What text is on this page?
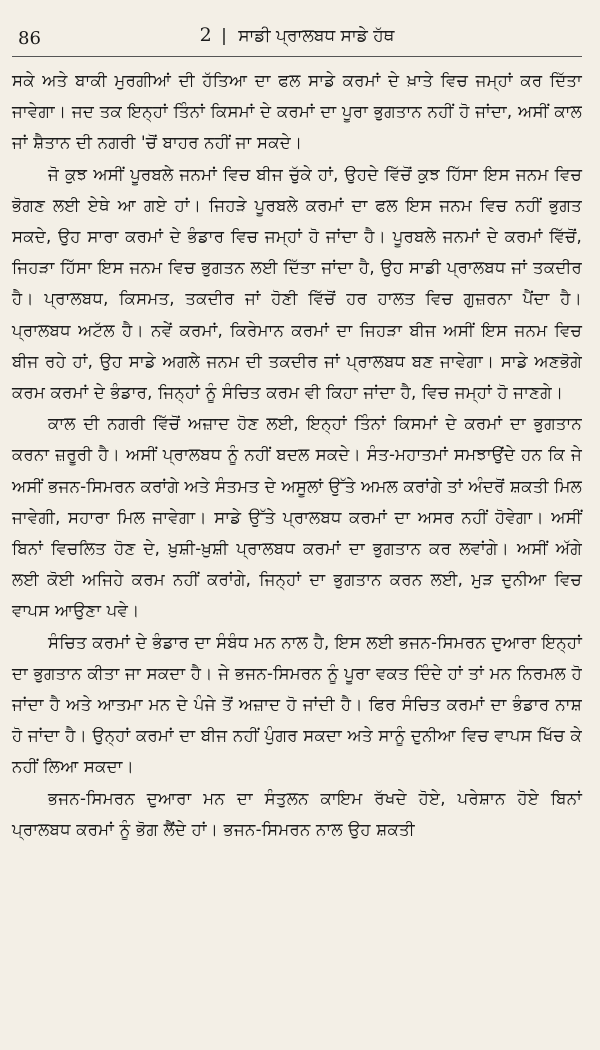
86	2 | ਸਾਡੀ ਪ੍ਰਾਲਬਧ ਸਾਡੇ ਹੱਥ

ਸਕੇ ਅਤੇ ਬਾਕੀ ਮੁਰਗੀਆਂ ਦੀ ਹੱਤਿਆ ਦਾ ਫਲ ਸਾਡੇ ਕਰਮਾਂ ਦੇ ਖ਼ਾਤੇ ਵਿਚ ਜਮ੍ਹਾਂ ਕਰ ਦਿੱਤਾ ਜਾਵੇਗਾ। ਜਦ ਤਕ ਇਨ੍ਹਾਂ ਤਿੰਨਾਂ ਕਿਸਮਾਂ ਦੇ ਕਰਮਾਂ ਦਾ ਪੂਰਾ ਭੁਗਤਾਨ ਨਹੀਂ ਹੋ ਜਾਂਦਾ, ਅਸੀਂ ਕਾਲ ਜਾਂ ਸ਼ੈਤਾਨ ਦੀ ਨਗਰੀ 'ਚੋਂ ਬਾਹਰ ਨਹੀਂ ਜਾ ਸਕਦੇ।

ਜੋ ਕੁਝ ਅਸੀਂ ਪੂਰਬਲੇ ਜਨਮਾਂ ਵਿਚ ਬੀਜ ਚੁੱਕੇ ਹਾਂ, ਉਹਦੇ ਵਿੱਚੋਂ ਕੁਝ ਹਿੱਸਾ ਇਸ ਜਨਮ ਵਿਚ ਭੋਗਣ ਲਈ ਏਥੇ ਆ ਗਏ ਹਾਂ। ਜਿਹੜੇ ਪੂਰਬਲੇ ਕਰਮਾਂ ਦਾ ਫਲ ਇਸ ਜਨਮ ਵਿਚ ਨਹੀਂ ਭੁਗਤ ਸਕਦੇ, ਉਹ ਸਾਰਾ ਕਰਮਾਂ ਦੇ ਭੰਡਾਰ ਵਿਚ ਜਮ੍ਹਾਂ ਹੋ ਜਾਂਦਾ ਹੈ। ਪੂਰਬਲੇ ਜਨਮਾਂ ਦੇ ਕਰਮਾਂ ਵਿੱਚੋਂ, ਜਿਹੜਾ ਹਿੱਸਾ ਇਸ ਜਨਮ ਵਿਚ ਭੁਗਤਨ ਲਈ ਦਿੱਤਾ ਜਾਂਦਾ ਹੈ, ਉਹ ਸਾਡੀ ਪ੍ਰਾਲਬਧ ਜਾਂ ਤਕਦੀਰ ਹੈ। ਪ੍ਰਾਲਬਧ, ਕਿਸਮਤ, ਤਕਦੀਰ ਜਾਂ ਹੋਣੀ ਵਿੱਚੋਂ ਹਰ ਹਾਲਤ ਵਿਚ ਗੁਜ਼ਰਨਾ ਪੈਂਦਾ ਹੈ। ਪ੍ਰਾਲਬਧ ਅਟੱਲ ਹੈ। ਨਵੇਂ ਕਰਮਾਂ, ਕਿਰੇਮਾਨ ਕਰਮਾਂ ਦਾ ਜਿਹੜਾ ਬੀਜ ਅਸੀਂ ਇਸ ਜਨਮ ਵਿਚ ਬੀਜ ਰਹੇ ਹਾਂ, ਉਹ ਸਾਡੇ ਅਗਲੇ ਜਨਮ ਦੀ ਤਕਦੀਰ ਜਾਂ ਪ੍ਰਾਲਬਧ ਬਣ ਜਾਵੇਗਾ। ਸਾਡੇ ਅਣਭੋਗੇ ਕਰਮ ਕਰਮਾਂ ਦੇ ਭੰਡਾਰ, ਜਿਨ੍ਹਾਂ ਨੂੰ ਸੰਚਿਤ ਕਰਮ ਵੀ ਕਿਹਾ ਜਾਂਦਾ ਹੈ, ਵਿਚ ਜਮ੍ਹਾਂ ਹੋ ਜਾਣਗੇ।

ਕਾਲ ਦੀ ਨਗਰੀ ਵਿੱਚੋਂ ਅਜ਼ਾਦ ਹੋਣ ਲਈ, ਇਨ੍ਹਾਂ ਤਿੰਨਾਂ ਕਿਸਮਾਂ ਦੇ ਕਰਮਾਂ ਦਾ ਭੁਗਤਾਨ ਕਰਨਾ ਜ਼ਰੂਰੀ ਹੈ। ਅਸੀਂ ਪ੍ਰਾਲਬਧ ਨੂੰ ਨਹੀਂ ਬਦਲ ਸਕਦੇ। ਸੰਤ-ਮਹਾਤਮਾਂ ਸਮਝਾਉਂਦੇ ਹਨ ਕਿ ਜੇ ਅਸੀਂ ਭਜਨ-ਸਿਮਰਨ ਕਰਾਂਗੇ ਅਤੇ ਸੰਤਮਤ ਦੇ ਅਸੂਲਾਂ ਉੱਤੇ ਅਮਲ ਕਰਾਂਗੇ ਤਾਂ ਅੰਦਰੋਂ ਸ਼ਕਤੀ ਮਿਲ ਜਾਵੇਗੀ, ਸਹਾਰਾ ਮਿਲ ਜਾਵੇਗਾ। ਸਾਡੇ ਉੱਤੇ ਪ੍ਰਾਲਬਧ ਕਰਮਾਂ ਦਾ ਅਸਰ ਨਹੀਂ ਹੋਵੇਗਾ। ਅਸੀਂ ਬਿਨਾਂ ਵਿਚਲਿਤ ਹੋਣ ਦੇ, ਖ਼ੁਸ਼ੀ-ਖ਼ੁਸ਼ੀ ਪ੍ਰਾਲਬਧ ਕਰਮਾਂ ਦਾ ਭੁਗਤਾਨ ਕਰ ਲਵਾਂਗੇ। ਅਸੀਂ ਅੱਗੇ ਲਈ ਕੋਈ ਅਜਿਹੇ ਕਰਮ ਨਹੀਂ ਕਰਾਂਗੇ, ਜਿਨ੍ਹਾਂ ਦਾ ਭੁਗਤਾਨ ਕਰਨ ਲਈ, ਮੁੜ ਦੁਨੀਆ ਵਿਚ ਵਾਪਸ ਆਉਣਾ ਪਵੇ।

ਸੰਚਿਤ ਕਰਮਾਂ ਦੇ ਭੰਡਾਰ ਦਾ ਸੰਬੰਧ ਮਨ ਨਾਲ ਹੈ, ਇਸ ਲਈ ਭਜਨ-ਸਿਮਰਨ ਦੁਆਰਾ ਇਨ੍ਹਾਂ ਦਾ ਭੁਗਤਾਨ ਕੀਤਾ ਜਾ ਸਕਦਾ ਹੈ। ਜੇ ਭਜਨ-ਸਿਮਰਨ ਨੂੰ ਪੂਰਾ ਵਕਤ ਦਿੰਦੇ ਹਾਂ ਤਾਂ ਮਨ ਨਿਰਮਲ ਹੋ ਜਾਂਦਾ ਹੈ ਅਤੇ ਆਤਮਾ ਮਨ ਦੇ ਪੰਜੇ ਤੋਂ ਅਜ਼ਾਦ ਹੋ ਜਾਂਦੀ ਹੈ। ਫਿਰ ਸੰਚਿਤ ਕਰਮਾਂ ਦਾ ਭੰਡਾਰ ਨਾਸ਼ ਹੋ ਜਾਂਦਾ ਹੈ। ਉਨ੍ਹਾਂ ਕਰਮਾਂ ਦਾ ਬੀਜ ਨਹੀਂ ਪੁੰਗਰ ਸਕਦਾ ਅਤੇ ਸਾਨੂੰ ਦੁਨੀਆ ਵਿਚ ਵਾਪਸ ਖਿੱਚ ਕੇ ਨਹੀਂ ਲਿਆ ਸਕਦਾ।

ਭਜਨ-ਸਿਮਰਨ ਦੁਆਰਾ ਮਨ ਦਾ ਸੰਤੁਲਨ ਕਾਇਮ ਰੱਖਦੇ ਹੋਏ, ਪਰੇਸ਼ਾਨ ਹੋਏ ਬਿਨਾਂ ਪ੍ਰਾਲਬਧ ਕਰਮਾਂ ਨੂੰ ਭੋਗ ਲੈਂਦੇ ਹਾਂ। ਭਜਨ-ਸਿਮਰਨ ਨਾਲ ਉਹ ਸ਼ਕਤੀ
